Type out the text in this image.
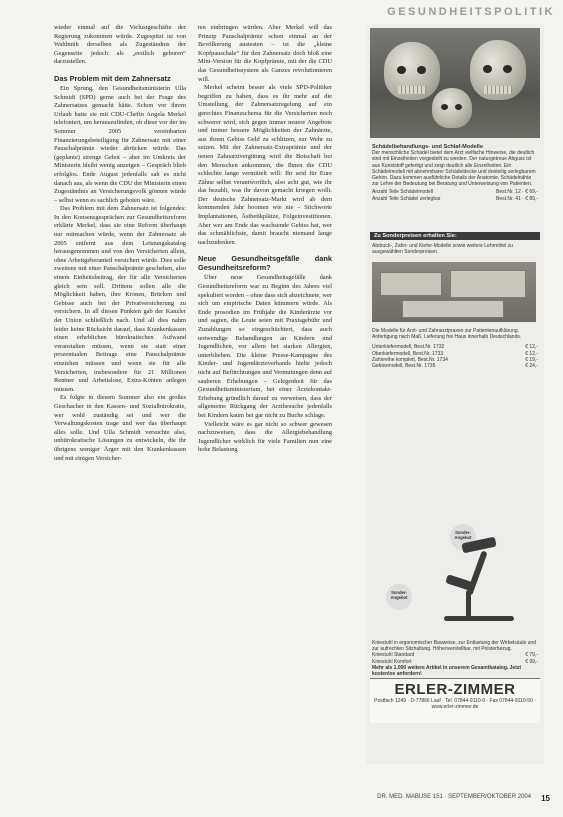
GESUNDHEITSPOLITIK

wieder einmal auf die Verlustgeschäfte der Regierung zukommen würde. Zugespitzt ist von Wahlmüh derselben als Zugeständnis der Gegenseite jedoch als „erstlich geboren“ darzustellen.

Das Problem mit dem Zahnersatz

Ein Sprung, den Gesundheitsministerin Ulla Schmidt (SPD) gerne auch bei der Frage des Zahnersatzes gemacht hätte. Schon vor ihrem Urlaub hatte sie mit CDU-Chefin Angela Merkel telefoniert, um herauszufinden, ob diese vor der im Sommer 2005 vereinbarten Finanzierungsbeteiligung für Zahnersatz mit einer Pauschalprämie wieder abrücken würde. Das (geplante) strenge Gebot – aber im Umkreis der Ministerin bleibt wenig anzeigen – Gespräch blieb erfolglos. Ende August jedenfalls sah es nicht danach aus, als wenn die CDU der Ministerin einen Zugeständnis an Versicherungsvolk gönnen würde – selbst wenn es sachlich geboten wäre.

Das Problem mit dem Zahnersatz ist folgendes: In den Konsensgesprächen zur Gesundheitsreform erklärte Merkel, dass sie eine Reform überhaupt nur mitmachen würde, wenn der Zahnersatz ab 2005 entfernt aus dem Leistungskatalog herausgenommen und von den Versicherten allein, ohne Arbeitgeberanteil versichert würde. Dies solle zweitens mit einer Pauschalprämie geschehen, also einem Einheitsbeitrag, der für alle Versicherten gleich sein soll. Drittens sollen alle die Möglichkeit haben, ihre Kronen, Brücken und Gebisse auch bei der Privatversicherung zu versichern. In all diesen Punkten gab der Kanzler der Union schließlich nach. Und all dies nahm leider keine Rücksicht darauf, dass Krankenkassen einen erheblichen bürokratischen Aufwand veranstalten müssen, wenn sie statt einer prozentualen Beitrags eine Pauschalprämie einziehen müssen und wenn sie für alle Versicherten, insbesondere für 21 Millionen Rentner und Arbeitslose, Extra-Konten anlegen müssen.

Es folgte in diesem Sommer also ein großes Geschacher in den Kassen- und Sozialbürokratie, wer wohl zuständig sei und wer die Verwaltungskosten trage und wer das überhaupt alles solle. Und Ulla Schmidt versuchte also, unbürokratische Lösungen zu entwickeln, die ihr übrigens weniger Ärger mit den Krankenkassen und mit einigen Versicher-

ten einbringen würden. Aber Merkel will das Prinzip Pauschalprämie schon einmal an der Bevölkerung austesten – ist die „kleine Kopfpauschale“ für den Zahnersatz doch bloß eine Mini-Version für die Kopfprämie, mit der die CDU das Gesundheitssystem als Ganzes revolutionieren will.

Merkel scheint besser als viele SPD-Politiker begriffen zu haben, dass es ihr mehr auf die Umstellung der Zahnersatzregelung auf ein gerechtes Finanzschema für die Versicherten noch schwerer wird, sich gegen immer neuere Angebote und immer bessere Möglichkeiten der Zahnärzte, aus ihrem Gebiss Geld zu schlitzen, zur Wehr zu setzen. Mit der Zahnersatz-Extraprämie und der neuen Zahnarztvergütung wird die Botschaft bei den Menschen ankommen, die Ihnen die CDU schlechte lange vermittelt will: Ihr seid für Eure Zähne selbst verantwortlich, also acht gut, wie ihr das bezahlt, was ihr davon gemacht kriegen wollt. Der deutsche Zahnersatz-Markt wird ab dem kommenden Jahr boomen wie nie – Stichworte Implantationen, Ästhetikplätze, Folgeinvestitionen. Aber wer am Ende das wachsende Gebiss hat, wer das schmählichste, damit braucht niemand lange nachzudenken.

Neue Gesundheitsgefälle dank Gesundheitsreform?

Über neue Gesundheitsgefälle dank Gesundheitsreform war zu Beginn des Jahres viel spekuliert worden – ohne dass sich abzeichnete, wer sich um empirische Daten kümmern würde. Als Ende prosodien im Frühjahr die Kinderärzte vor und sagten, die Leute seien mit Praxisgebühr und Zuzahlungen so eingeschüchtert, dass auch notwendige Behandlungen an Kindern und Jugendlichen, vor allem bei starken Allergien, unterblieben. Die kleine Presse-Kampagne des Kinder- und Jugendärzteverbands hielte jedoch nicht auf Befürchtungen und Vermutungen denn auf sauberen Erhebungen – Gelegenheit für das Gesundheitsministerium, bei einer Ärztekontakt-Erhebung gründlich darauf zu verweisen, dass der allgemeine Rückgang der Arztbesuche jedenfalls bei Kindern kaum bei gar nicht zu Buche schlage.

Vielleicht wäre es gar nicht so schwer gewesen nachzuweisen, dass die Allergiebehandlung Jugendlicher wirklich für viele Familien nun eine hohe Belastung

Schädelbehandlungs- und Schlaf-Modelle
Der menschliche Schädel bietet dem Arzt vielfache Hinweise, die deutlich sind mit Einzelheiten vorgestellt zu werden. Der naturgetreue Abguss ist aus Kunststoff gefertigt und zeigt deutlich alle Einzelheiten. Ein Schädelmodell mit abnehmbarer Schädeldecke und dreiteilig zerlegbarem Gehirn. Dazu kommen ausführliche Details der Anatomie, Schädelnähte zur Lehre der Bedeutung bei Beratung und Unterweisung von Patienten.
Anzahl Teile Schädelmodell	Best.Nr. 12 · € 69,-
Anzahl Teile Schädel zerlegbar	Best.Nr. 41 · € 89,-
Zu Sonderpreisen erhalten Sie:
Abdruck-, Zahn- und Kiefer-Modelle sowie weitere Lehrmittel zu ausgewählten Sonderpreisen.
Die Modelle für Arzt- und Zahnarztpraxen zur Patientenaufklärung. Anfertigung nach Maß, Lieferung frei Haus innerhalb Deutschlands.
Unterkiefermodell, Best.Nr. 1732	€ 12,-
Oberkiefermodell, Best.Nr. 1733	€ 12,-
Zahnreihe komplett, Best.Nr. 1734	€ 19,-
Gebissmodell, Best.Nr. 1735	€ 24,-
Sonder-Angebot
Sonder-Angebot
Kniestuhl in ergonomischer Bauweise, zur Entlastung der Wirbelsäule und zur aufrechten Sitzhaltung. Höhenverstellbar, mit Polsterbezug.
Kniestuhl Standard	€ 79,-
Kniestuhl Komfort	€ 99,-
Mehr als 1.000 weitere Artikel in unserem Gesamtkatalog. Jetzt kostenlos anfordern!
ERLER-ZIMMER
Postfach 1249 · D-77866 Lauf · Tel. 07844-9110-0 · Fax 07844-9110-50 · www.erler-zimmer.de
DR. MED. MABUSE 151 · SEPTEMBER/OKTOBER 2004 15
